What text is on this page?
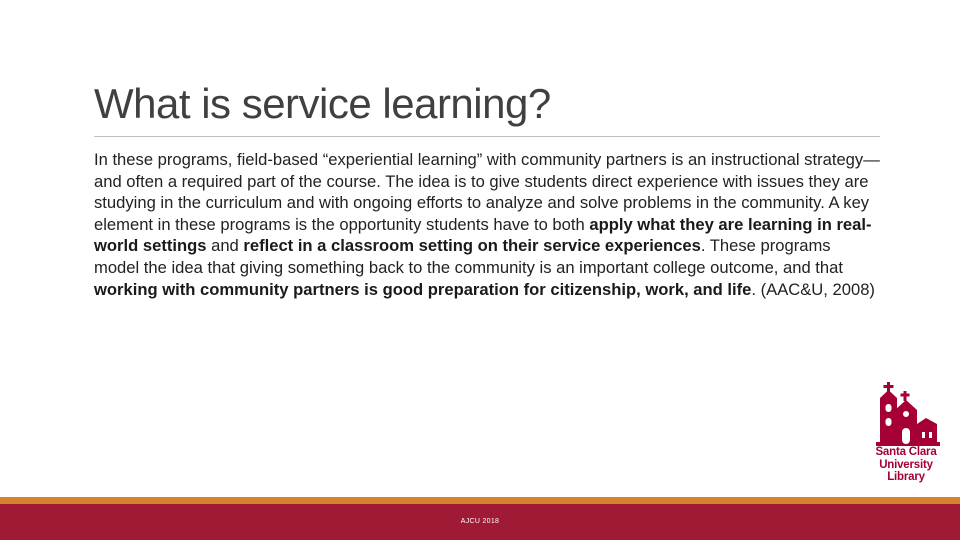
What is service learning?
In these programs, field-based “experiential learning” with community partners is an instructional strategy—and often a required part of the course. The idea is to give students direct experience with issues they are studying in the curriculum and with ongoing efforts to analyze and solve problems in the community. A key element in these programs is the opportunity students have to both apply what they are learning in real-world settings and reflect in a classroom setting on their service experiences. These programs model the idea that giving something back to the community is an important college outcome, and that working with community partners is good preparation for citizenship, work, and life. (AAC&U, 2008)
Santa Clara
University
Library
AJCU 2018
